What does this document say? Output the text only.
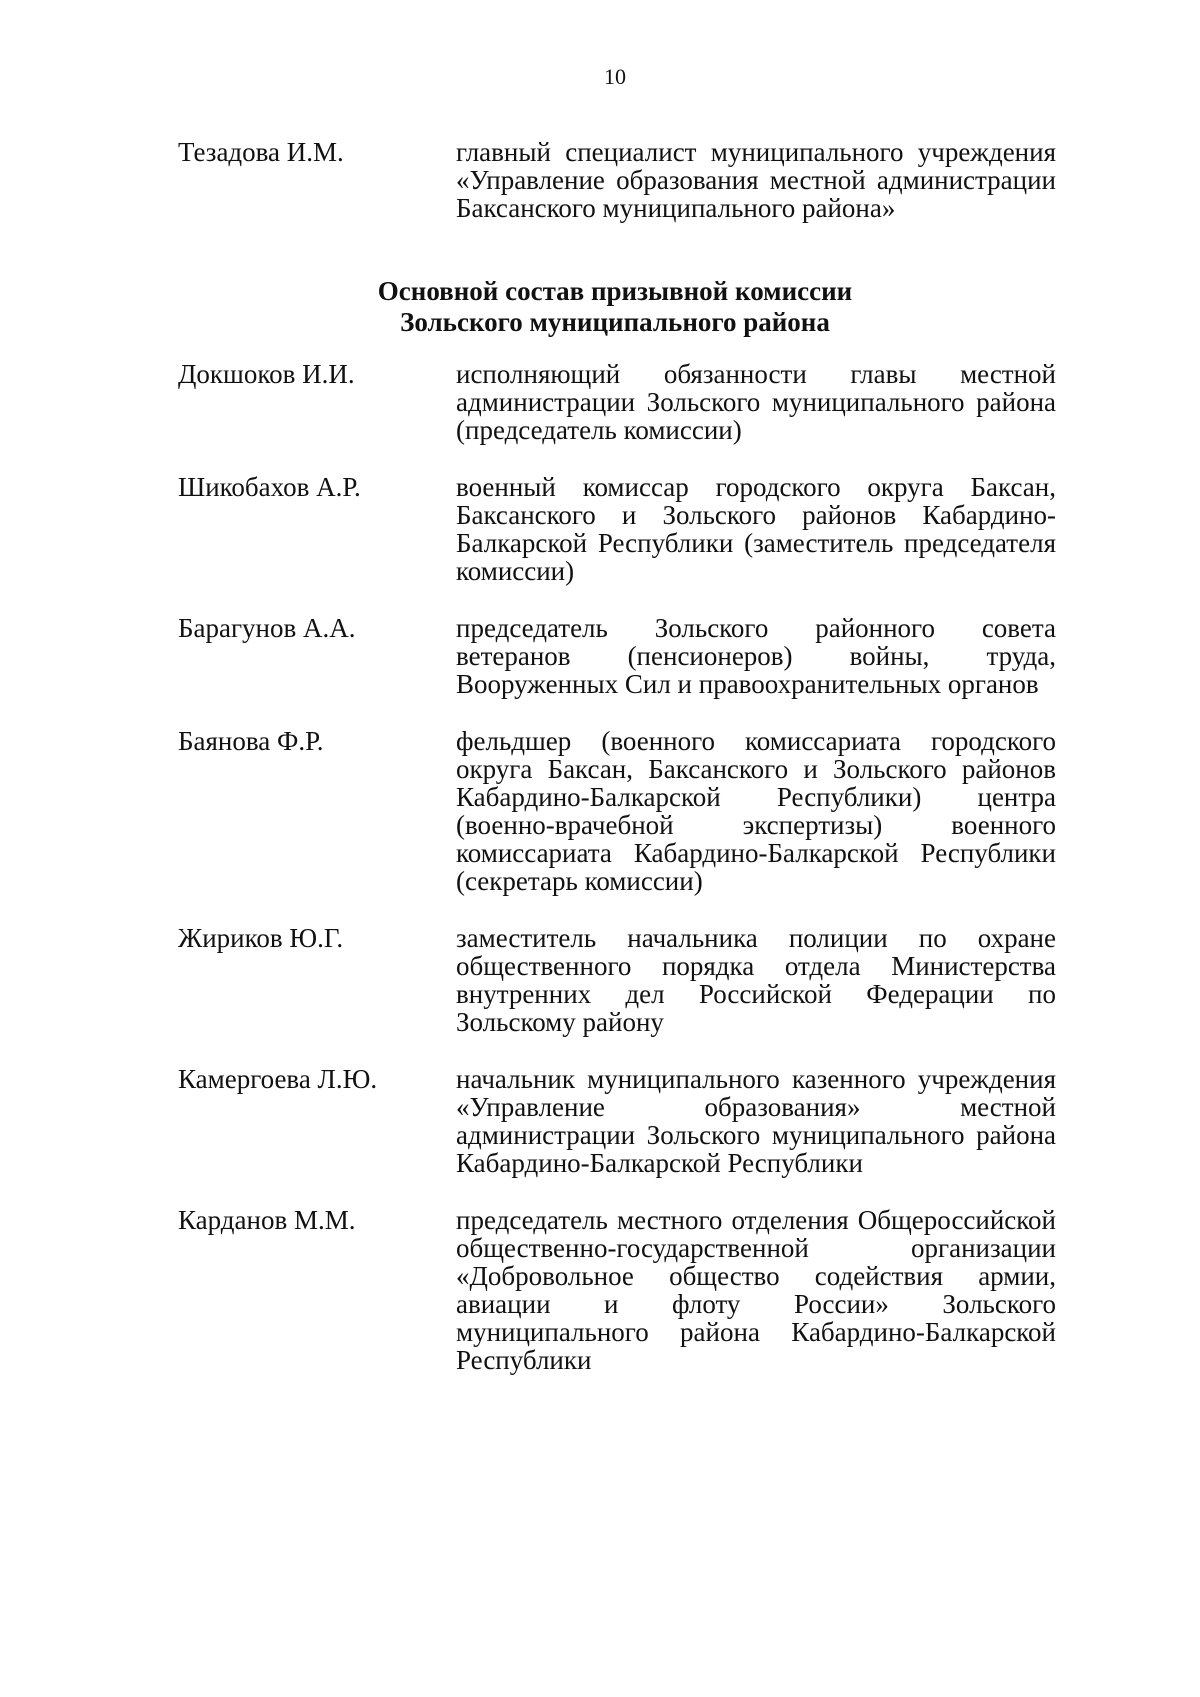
10
Тезадова И.М.	главный специалист муниципального учреждения «Управление образования местной администрации Баксанского муниципального района»
Основной состав призывной комиссии
Зольского муниципального района
Докшоков И.И.	исполняющий обязанности главы местной администрации Зольского муниципального района (председатель комиссии)
Шикобахов А.Р.	военный комиссар городского округа Баксан, Баксанского и Зольского районов Кабардино-Балкарской Республики (заместитель председателя комиссии)
Барагунов А.А.	председатель Зольского районного совета ветеранов (пенсионеров) войны, труда, Вооруженных Сил и правоохранительных органов
Баянова Ф.Р.	фельдшер (военного комиссариата городского округа Баксан, Баксанского и Зольского районов Кабардино-Балкарской Республики) центра (военно-врачебной экспертизы) военного комиссариата Кабардино-Балкарской Республики (секретарь комиссии)
Жириков Ю.Г.	заместитель начальника полиции по охране общественного порядка отдела Министерства внутренних дел Российской Федерации по Зольскому району
Камергоева Л.Ю.	начальник муниципального казенного учреждения «Управление образования» местной администрации Зольского муниципального района Кабардино-Балкарской Республики
Карданов М.М.	председатель местного отделения Общероссийской общественно-государственной организации «Добровольное общество содействия армии, авиации и флоту России» Зольского муниципального района Кабардино-Балкарской Республики
